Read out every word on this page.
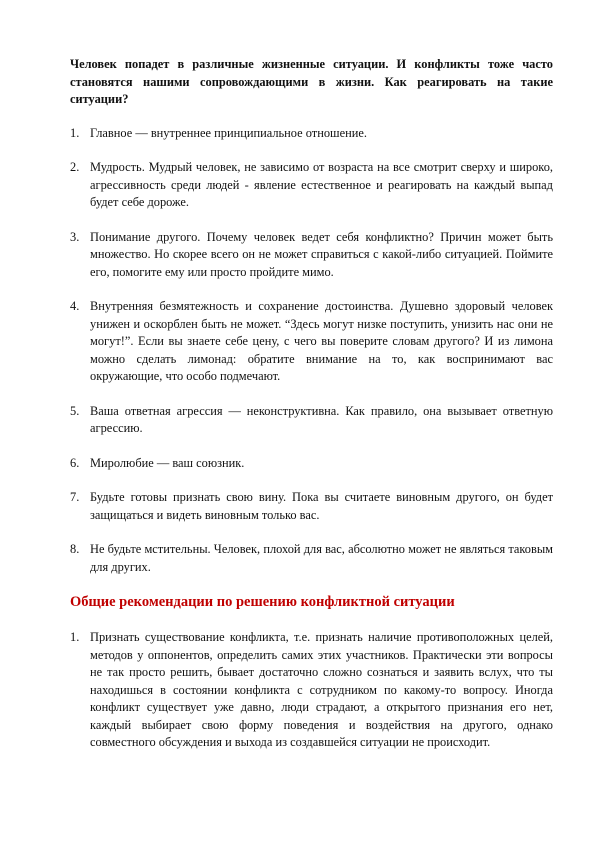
Человек попадет в различные жизненные ситуации. И конфликты тоже часто становятся нашими сопровождающими в жизни. Как реагировать на такие ситуации?

1. Главное — внутреннее принципиальное отношение.
2. Мудрость. Мудрый человек, не зависимо от возраста на все смотрит сверху и широко, агрессивность среди людей - явление естественное и реагировать на каждый выпад будет себе дороже.
3. Понимание другого. Почему человек ведет себя конфликтно? Причин может быть множество. Но скорее всего он не может справиться с какой-либо ситуацией. Поймите его, помогите ему или просто пройдите мимо.
4. Внутренняя безмятежность и сохранение достоинства. Душевно здоровый человек унижен и оскорблен быть не может. “Здесь могут низке поступить, унизить нас они не могут!”. Если вы знаете себе цену, с чего вы поверите словам другого? И из лимона можно сделать лимонад: обратите внимание на то, как воспринимают вас окружающие, что особо подмечают.
5. Ваша ответная агрессия — неконструктивна. Как правило, она вызывает ответную агрессию.
6. Миролюбие — ваш союзник.
7. Будьте готовы признать свою вину. Пока вы считаете виновным другого, он будет защищаться и видеть виновным только вас.
8. Не будьте мстительны. Человек, плохой для вас, абсолютно может не являться таковым для других.
Общие рекомендации по решению конфликтной ситуации
1. Признать существование конфликта, т.е. признать наличие противоположных целей, методов у оппонентов, определить самих этих участников. Практически эти вопросы не так просто решить, бывает достаточно сложно сознаться и заявить вслух, что ты находишься в состоянии конфликта с сотрудником по какому-то вопросу. Иногда конфликт существует уже давно, люди страдают, а открытого признания его нет, каждый выбирает свою форму поведения и воздействия на другого, однако совместного обсуждения и выхода из создавшейся ситуации не происходит.
